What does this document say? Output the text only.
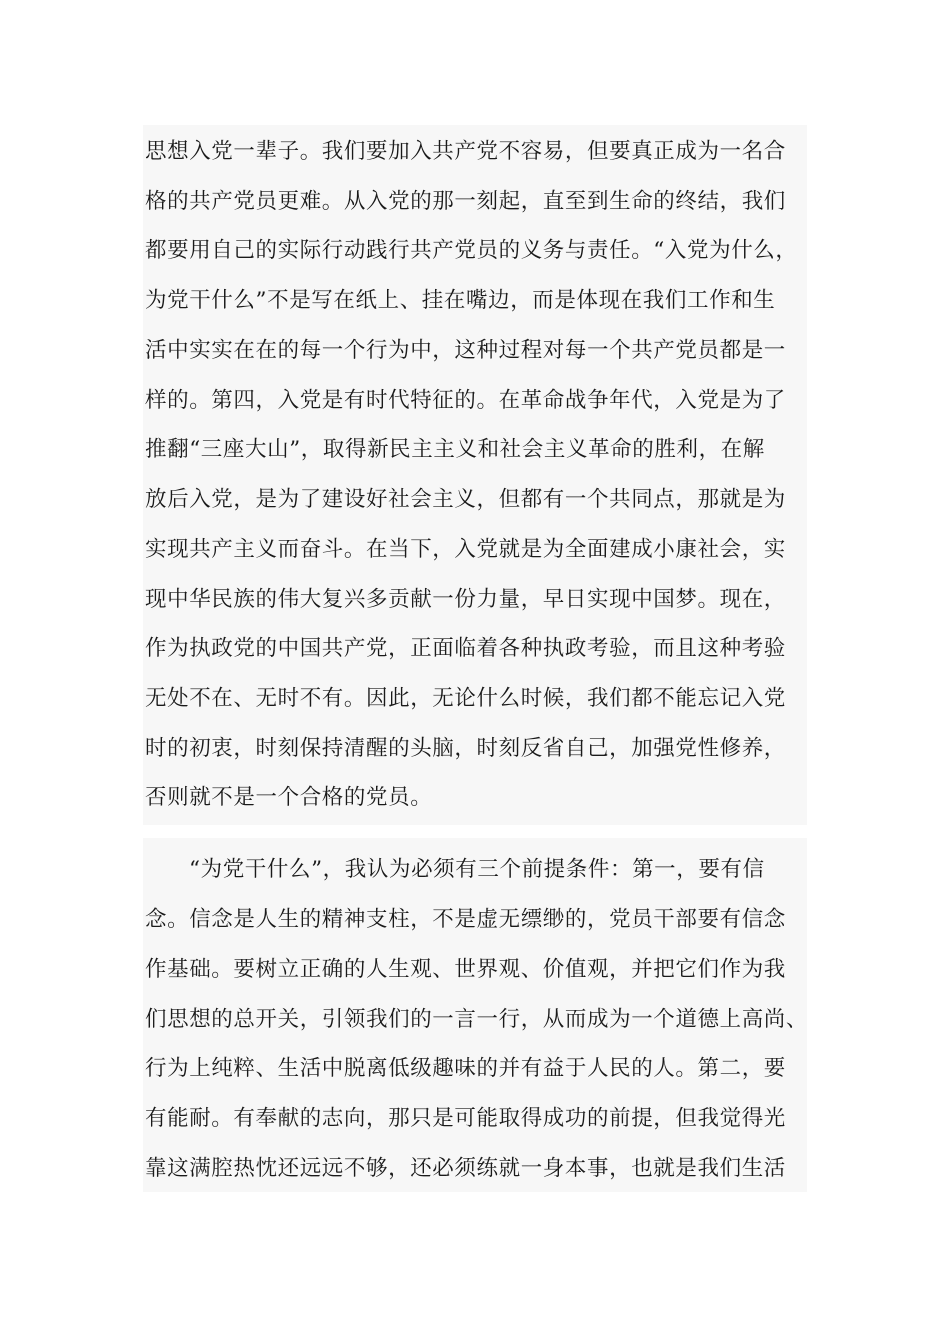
思想入党一辈子。我们要加入共产党不容易，但要真正成为一名合
格的共产党员更难。从入党的那一刻起，直至到生命的终结，我们
都要用自己的实际行动践行共产党员的义务与责任。“入党为什么，
为党干什么”不是写在纸上、挂在嘴边，而是体现在我们工作和生
活中实实在在的每一个行为中，这种过程对每一个共产党员都是一
样的。第四，入党是有时代特征的。在革命战争年代，入党是为了
推翻“三座大山”，取得新民主主义和社会主义革命的胜利，在解
放后入党，是为了建设好社会主义，但都有一个共同点，那就是为
实现共产主义而奋斗。在当下，入党就是为全面建成小康社会，实
现中华民族的伟大复兴多贡献一份力量，早日实现中国梦。现在，
作为执政党的中国共产党，正面临着各种执政考验，而且这种考验
无处不在、无时不有。因此，无论什么时候，我们都不能忘记入党
时的初衷，时刻保持清醒的头脑，时刻反省自己，加强党性修养，
否则就不是一个合格的党员。
“为党干什么”，我认为必须有三个前提条件：第一，要有信
念。信念是人生的精神支柱，不是虚无缥缈的，党员干部要有信念
作基础。要树立正确的人生观、世界观、价值观，并把它们作为我
们思想的总开关，引领我们的一言一行，从而成为一个道德上高尚、
行为上纯粹、生活中脱离低级趣味的并有益于人民的人。第二，要
有能耐。有奉献的志向，那只是可能取得成功的前提，但我觉得光
靠这满腔热忱还远远不够，还必须练就一身本事，也就是我们生活
